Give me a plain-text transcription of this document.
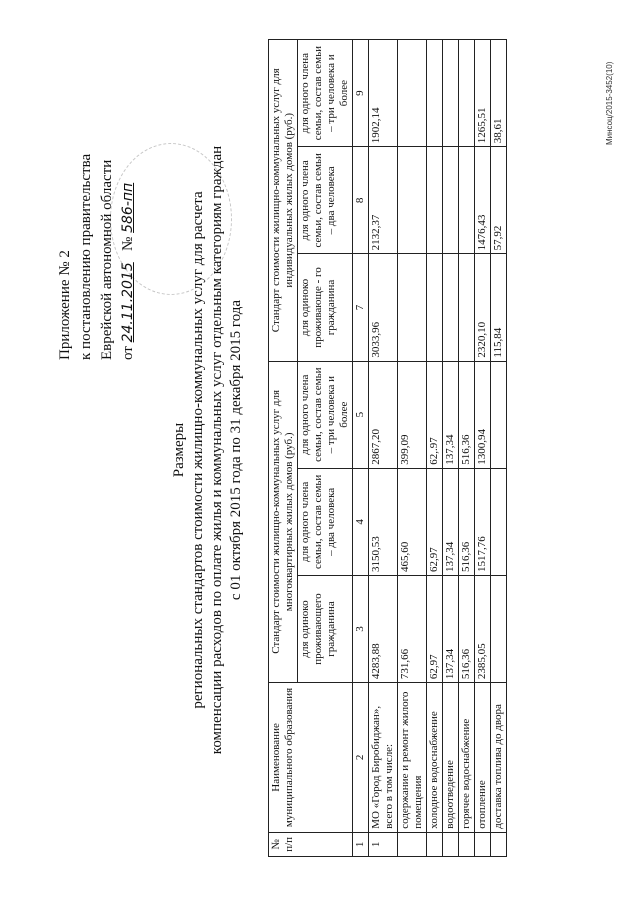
Приложение № 2 к постановлению правительства Еврейской автономной области от 24.11.2015   № 586-пп
Размеры региональных стандартов стоимости жилищно-коммунальных услуг для расчета компенсации расходов по оплате жилья и коммунальных услуг отдельным категориям граждан с 01 октября 2015 года по 31 декабря 2015 года
№ п/п	Наименование муниципального образования	Стандарт стоимости жилищно-коммунальных услуг для многоквартирных жилых домов (руб.)			Стандарт стоимости жилищно-коммунальных услуг для индивидуальных жилых домов (руб.)		
		для одиноко проживающего гражданина	для одного члена семьи, состав семьи – два человека	для одного члена семьи, состав семьи – три человека и более	для одиноко проживающе - го гражданина	для одного члена семьи, состав семьи – два человека	для одного члена семьи, состав семьи – три человека и более
1	2	3	4	5	7	8	9
1	МО «Город Биробиджан», всего в том числе:	4283,88	3150,53	2867,20	3033,96	2132,37	1902,14
	содержание и ремонт жилого помещения	731,66	465,60	399,09			
	холодное водоснабжение	62,97	62,97	62,.97			
	водоотведение	137,34	137,34	137,34			
	горячее водоснабжение	516,36	516,36	516,36			
	отопление	2385,05	1517,76	1300,94	2320,10	1476,43	1265,51
	доставка топлива до двора				115,84	57,92	38,61	Минсоц/2015-3452(10)
